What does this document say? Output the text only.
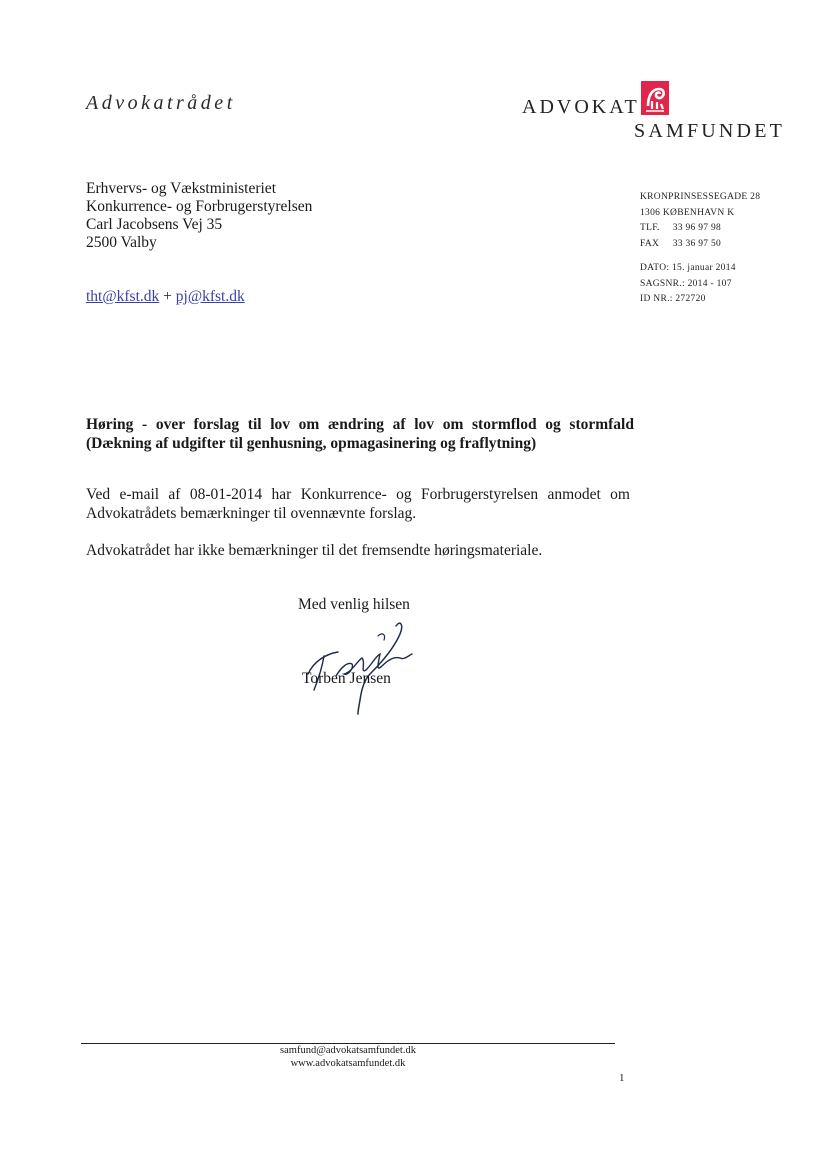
Advokatrådet	ADVOKAT
SAMFUNDET
Erhvervs- og Vækstministeriet
Konkurrence- og Forbrugerstyrelsen
Carl Jacobsens Vej 35
2500 Valby
tht@kfst.dk + pj@kfst.dk
KRONPRINSESSEGADE 28
1306 KØBENHAVN K
TLF. 33 96 97 98
FAX 33 36 97 50
DATO: 15. januar 2014
SAGSNR.: 2014 - 107
ID NR.: 272720
Høring - over forslag til lov om ændring af lov om stormflod og stormfald
(Dækning af udgifter til genhusning, opmagasinering og fraflytning)
Ved e-mail af 08-01-2014 har Konkurrence- og Forbrugerstyrelsen anmodet om
Advokatrådets bemærkninger til ovennævnte forslag.
Advokatrådet har ikke bemærkninger til det fremsendte høringsmateriale.
Med venlig hilsen
Torben Jensen
samfund@advokatsamfundet.dk
www.advokatsamfundet.dk
1
